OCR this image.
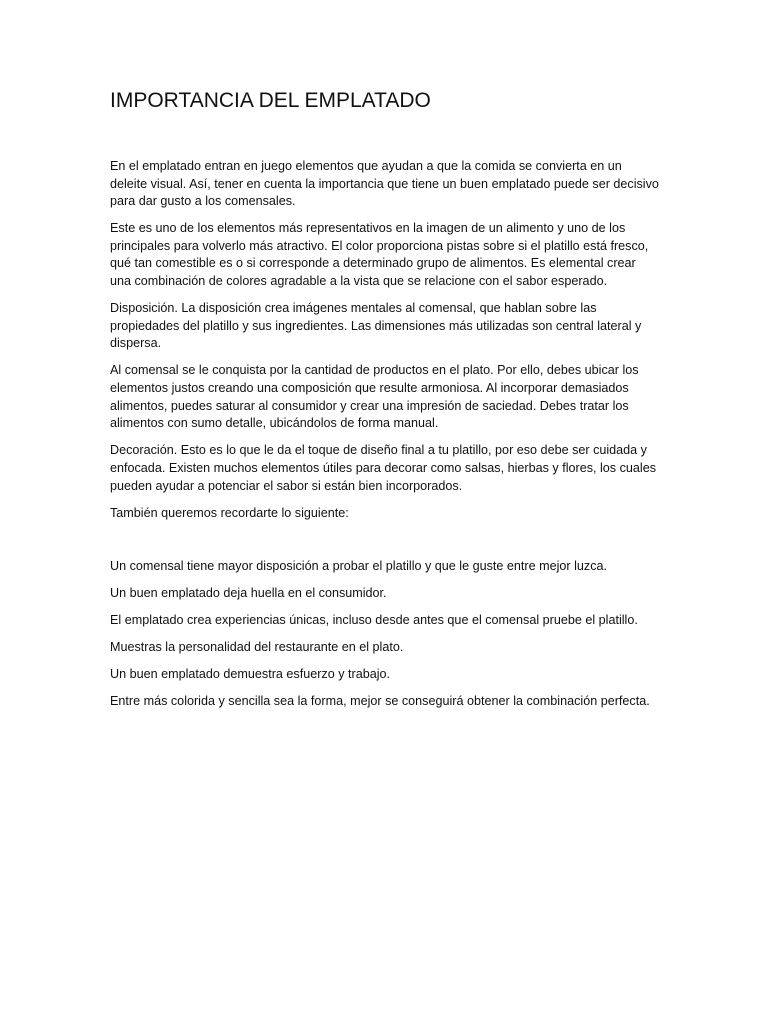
IMPORTANCIA DEL EMPLATADO

En el emplatado entran en juego elementos que ayudan a que la comida se convierta en un deleite visual. Así, tener en cuenta la importancia que tiene un buen emplatado puede ser decisivo para dar gusto a los comensales.

Este es uno de los elementos más representativos en la imagen de un alimento y uno de los principales para volverlo más atractivo. El color proporciona pistas sobre si el platillo está fresco, qué tan comestible es o si corresponde a determinado grupo de alimentos. Es elemental crear una combinación de colores agradable a la vista que se relacione con el sabor esperado.

Disposición. La disposición crea imágenes mentales al comensal, que hablan sobre las propiedades del platillo y sus ingredientes. Las dimensiones más utilizadas son central lateral y dispersa.

Al comensal se le conquista por la cantidad de productos en el plato. Por ello, debes ubicar los elementos justos creando una composición que resulte armoniosa. Al incorporar demasiados alimentos, puedes saturar al consumidor y crear una impresión de saciedad. Debes tratar los alimentos con sumo detalle, ubicándolos de forma manual.

Decoración. Esto es lo que le da el toque de diseño final a tu platillo, por eso debe ser cuidada y enfocada. Existen muchos elementos útiles para decorar como salsas, hierbas y flores, los cuales pueden ayudar a potenciar el sabor si están bien incorporados.

También queremos recordarte lo siguiente:

Un comensal tiene mayor disposición a probar el platillo y que le guste entre mejor luzca.

Un buen emplatado deja huella en el consumidor.

El emplatado crea experiencias únicas, incluso desde antes que el comensal pruebe el platillo.

Muestras la personalidad del restaurante en el plato.

Un buen emplatado demuestra esfuerzo y trabajo.

Entre más colorida y sencilla sea la forma, mejor se conseguirá obtener la combinación perfecta.
